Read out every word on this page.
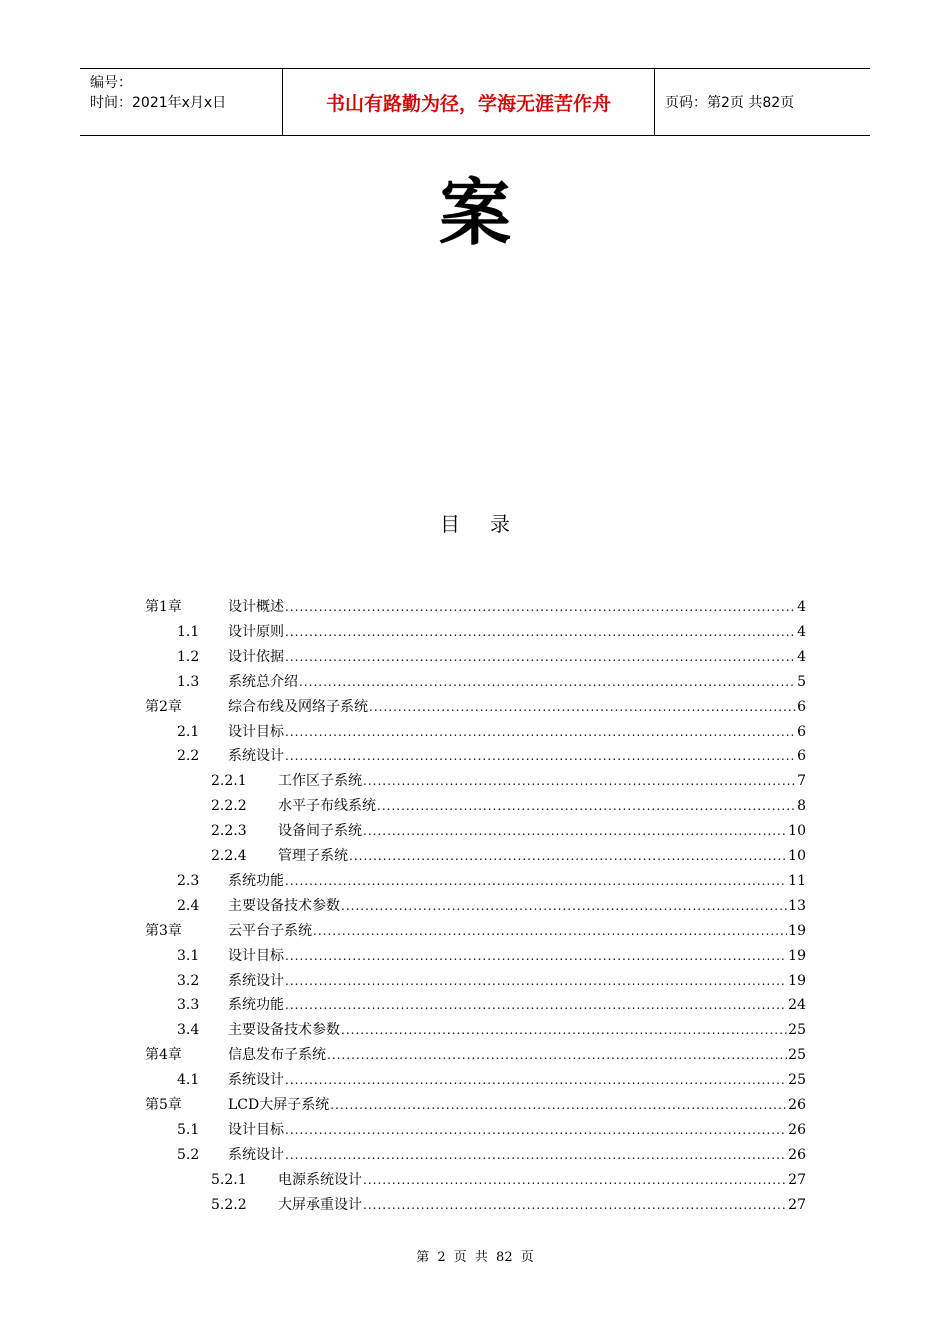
编号：
时间：2021年x月x日	书山有路勤为径，学海无涯苦作舟	页码：第2页 共82页
案
目录
第1章	设计概述 .....	4
1.1 设计原则 .....	4
1.2 设计依据 .....	4
1.3 系统总介绍 .....	5
第2章	综合布线及网络子系统 .....	6
2.1 设计目标 .....	6
2.2 系统设计 .....	6
2.2.1 工作区子系统 .....	7
2.2.2 水平子布线系统 .....	8
2.2.3 设备间子系统 .....	10
2.2.4 管理子系统 .....	10
2.3 系统功能 .....	11
2.4 主要设备技术参数 .....	13
第3章	云平台子系统 .....	19
3.1 设计目标 .....	19
3.2 系统设计 .....	19
3.3 系统功能 .....	24
3.4 主要设备技术参数 .....	25
第4章	信息发布子系统 .....	25
4.1 系统设计 .....	25
第5章	LCD大屏子系统 .....	26
5.1 设计目标 .....	26
5.2 系统设计 .....	26
5.2.1 电源系统设计 .....	27
5.2.2 大屏承重设计 .....	27
第 2 页 共 82 页
